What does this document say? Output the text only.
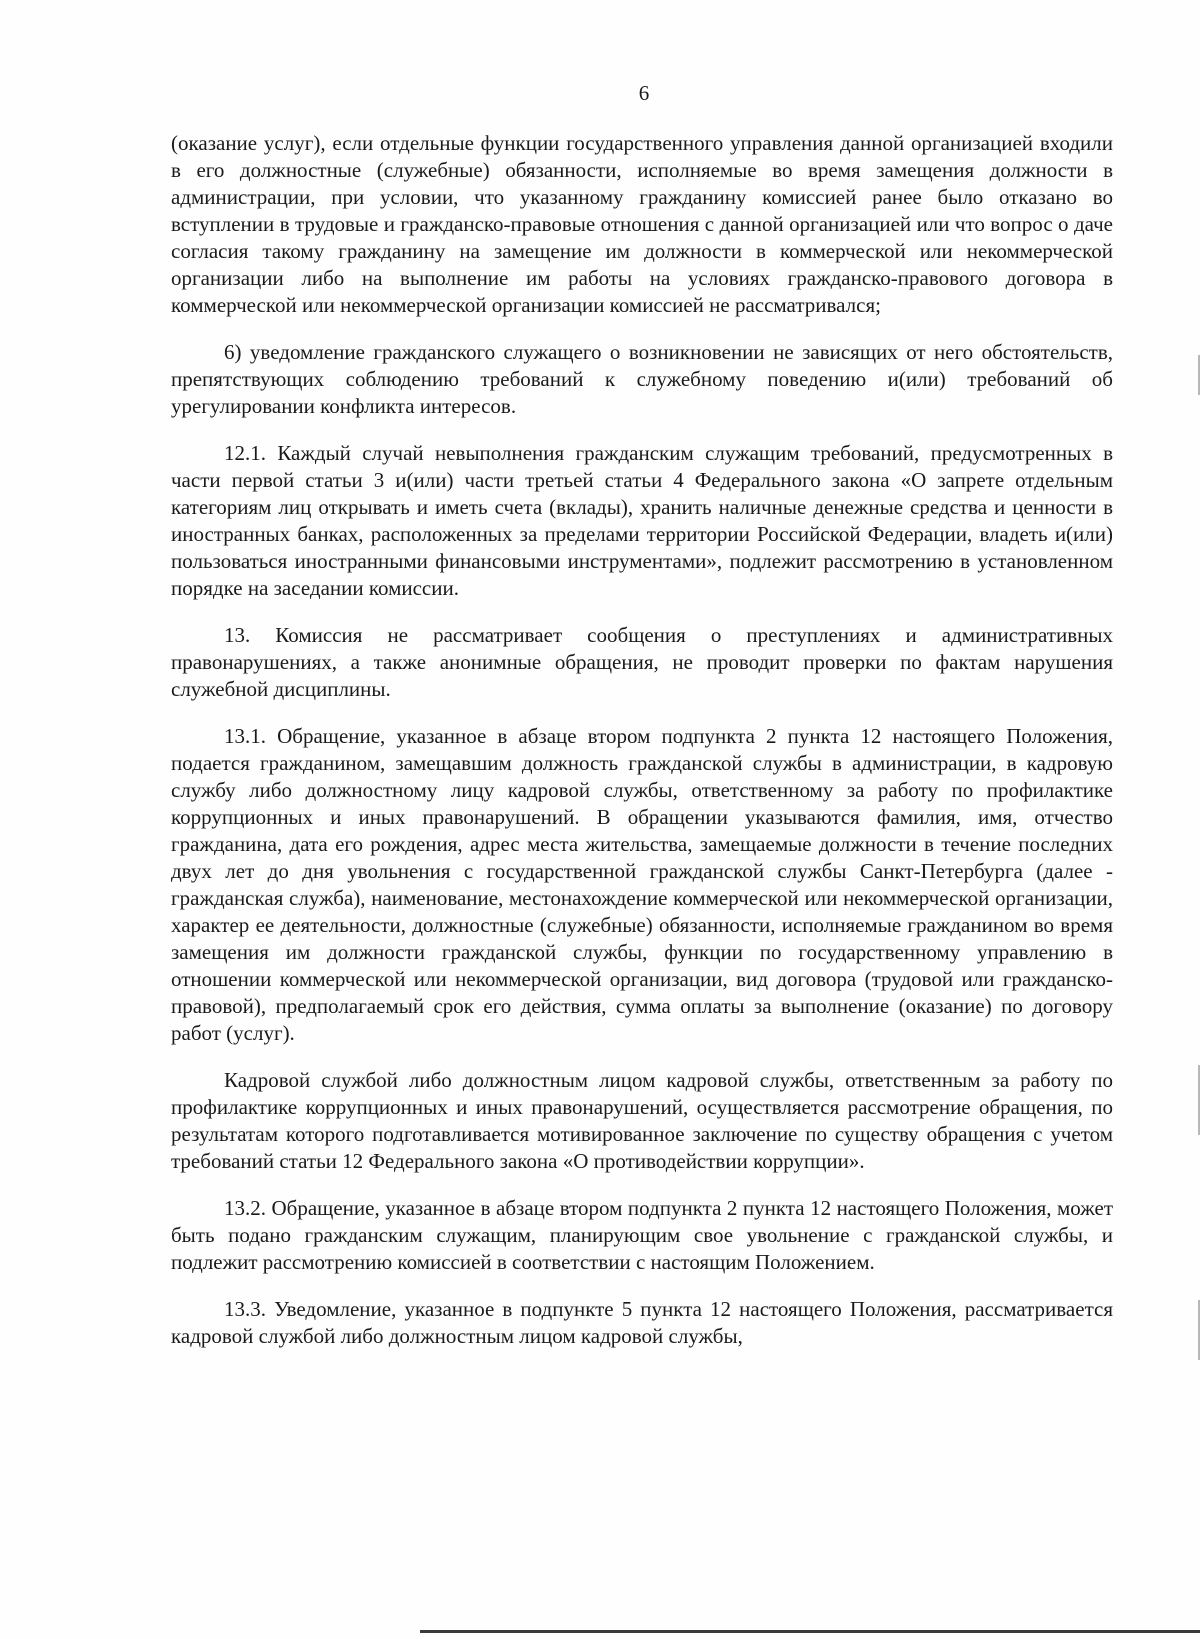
6

(оказание услуг), если отдельные функции государственного управления данной организацией входили в его должностные (служебные) обязанности, исполняемые во время замещения должности в администрации, при условии, что указанному гражданину комиссией ранее было отказано во вступлении в трудовые и гражданско-правовые отношения с данной организацией или что вопрос о даче согласия такому гражданину на замещение им должности в коммерческой или некоммерческой организации либо на выполнение им работы на условиях гражданско-правового договора в коммерческой или некоммерческой организации комиссией не рассматривался;

6) уведомление гражданского служащего о возникновении не зависящих от него обстоятельств, препятствующих соблюдению требований к служебному поведению и(или) требований об урегулировании конфликта интересов.

12.1. Каждый случай невыполнения гражданским служащим требований, предусмотренных в части первой статьи 3 и(или) части третьей статьи 4 Федерального закона «О запрете отдельным категориям лиц открывать и иметь счета (вклады), хранить наличные денежные средства и ценности в иностранных банках, расположенных за пределами территории Российской Федерации, владеть и(или) пользоваться иностранными финансовыми инструментами», подлежит рассмотрению в установленном порядке на заседании комиссии.

13. Комиссия не рассматривает сообщения о преступлениях и административных правонарушениях, а также анонимные обращения, не проводит проверки по фактам нарушения служебной дисциплины.

13.1. Обращение, указанное в абзаце втором подпункта 2 пункта 12 настоящего Положения, подается гражданином, замещавшим должность гражданской службы в администрации, в кадровую службу либо должностному лицу кадровой службы, ответственному за работу по профилактике коррупционных и иных правонарушений. В обращении указываются фамилия, имя, отчество гражданина, дата его рождения, адрес места жительства, замещаемые должности в течение последних двух лет до дня увольнения с государственной гражданской службы Санкт-Петербурга (далее - гражданская служба), наименование, местонахождение коммерческой или некоммерческой организации, характер ее деятельности, должностные (служебные) обязанности, исполняемые гражданином во время замещения им должности гражданской службы, функции по государственному управлению в отношении коммерческой или некоммерческой организации, вид договора (трудовой или гражданско-правовой), предполагаемый срок его действия, сумма оплаты за выполнение (оказание) по договору работ (услуг).

Кадровой службой либо должностным лицом кадровой службы, ответственным за работу по профилактике коррупционных и иных правонарушений, осуществляется рассмотрение обращения, по результатам которого подготавливается мотивированное заключение по существу обращения с учетом требований статьи 12 Федерального закона «О противодействии коррупции».

13.2. Обращение, указанное в абзаце втором подпункта 2 пункта 12 настоящего Положения, может быть подано гражданским служащим, планирующим свое увольнение с гражданской службы, и подлежит рассмотрению комиссией в соответствии с настоящим Положением.

13.3. Уведомление, указанное в подпункте 5 пункта 12 настоящего Положения, рассматривается кадровой службой либо должностным лицом кадровой службы,
